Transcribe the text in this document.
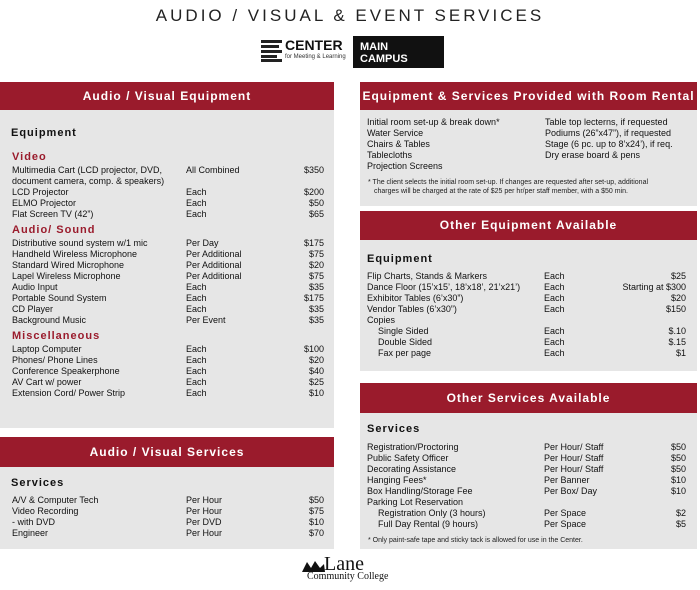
AUDIO / VISUAL & EVENT SERVICES
CENTER
for Meeting & Learning
MAIN
CAMPUS
Audio / Visual Equipment
Equipment
Video
Multimedia Cart (LCD projector, DVD,	All Combined	$350
document camera, comp. & speakers)
LCD Projector	Each	$200
ELMO Projector	Each	$50
Flat Screen TV (42”)	Each	$65
Audio/ Sound
Distributive sound system w/1 mic	Per Day	$175
Handheld Wireless Microphone	Per Additional	$75
Standard Wired Microphone	Per Additional	$20
Lapel Wireless Microphone	Per Additional	$75
Audio Input	Each	$35
Portable Sound System	Each	$175
CD Player	Each	$35
Background Music	Per Event	$35
Miscellaneous
Laptop Computer	Each	$100
Phones/ Phone Lines	Each	$20
Conference Speakerphone	Each	$40
AV Cart w/ power	Each	$25
Extension Cord/ Power Strip	Each	$10
Audio / Visual Services
Services
A/V & Computer Tech	Per Hour	$50
Video Recording	Per Hour	$75
- with DVD	Per DVD	$10
Engineer	Per Hour	$70
Equipment & Services Provided with Room Rental
Initial room set-up & break down*
Water Service
Chairs & Tables
Tablecloths
Projection Screens
Table top lecterns, if requested
Podiums (26”x47”), if requested
Stage (6 pc. up to 8’x24’), if req.
Dry erase board & pens
* The client selects the initial room set-up. If changes are requested after set-up, additional
charges will be charged at the rate of $25 per hr/per staff member, with a $50 min.
Other Equipment Available
Equipment
Flip Charts, Stands & Markers	Each	$25
Dance Floor (15’x15’, 18’x18’, 21’x21’)	Each	Starting at $300
Exhibitor Tables (6’x30”)	Each	$20
Vendor Tables (6’x30”)	Each	$150
Copies
Single Sided	Each	$.10
Double Sided	Each	$.15
Fax per page	Each	$1
Other Services Available
Services
Registration/Proctoring	Per Hour/ Staff	$50
Public Safety Officer	Per Hour/ Staff	$50
Decorating Assistance	Per Hour/ Staff	$50
Hanging Fees*	Per Banner	$10
Box Handling/Storage Fee	Per Box/ Day	$10
Parking Lot Reservation
Registration Only (3 hours)	Per Space	$2
Full Day Rental (9 hours)	Per Space	$5
* Only paint-safe tape and sticky tack is allowed for use in the Center.
Lane
Community College
